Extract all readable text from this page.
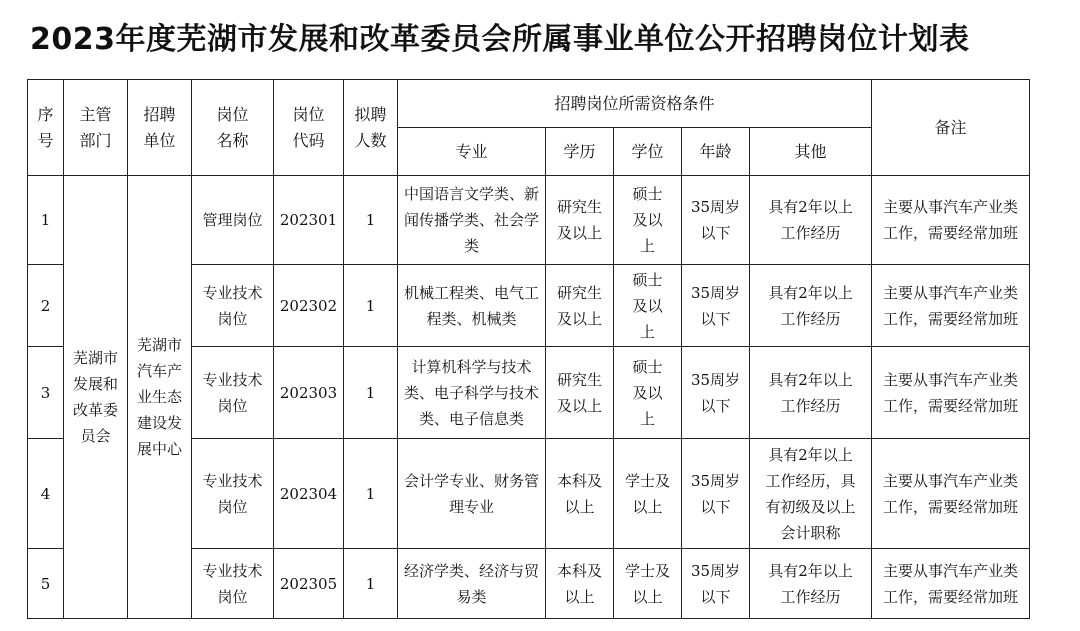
2023年度芜湖市发展和改革委员会所属事业单位公开招聘岗位计划表
序号	主管部门	招聘单位	岗位名称	岗位代码	拟聘人数	招聘岗位所需资格条件					备注
						专业	学历	学位	年龄	其他	
1	芜湖市发展和改革委员会	芜湖市汽车产业生态建设发展中心	管理岗位	202301	1	中国语言文学类、新闻传播学类、社会学类	研究生及以上	硕士及以上	35周岁以下	具有2年以上工作经历	主要从事汽车产业类工作，需要经常加班
2			专业技术岗位	202302	1	机械工程类、电气工程类、机械类	研究生及以上	硕士及以上	35周岁以下	具有2年以上工作经历	主要从事汽车产业类工作，需要经常加班
3			专业技术岗位	202303	1	计算机科学与技术类、电子科学与技术类、电子信息类	研究生及以上	硕士及以上	35周岁以下	具有2年以上工作经历	主要从事汽车产业类工作，需要经常加班
4			专业技术岗位	202304	1	会计学专业、财务管理专业	本科及以上	学士及以上	35周岁以下	具有2年以上工作经历，具有初级及以上会计职称	主要从事汽车产业类工作，需要经常加班
5			专业技术岗位	202305	1	经济学类、经济与贸易类	本科及以上	学士及以上	35周岁以下	具有2年以上工作经历	主要从事汽车产业类工作，需要经常加班
